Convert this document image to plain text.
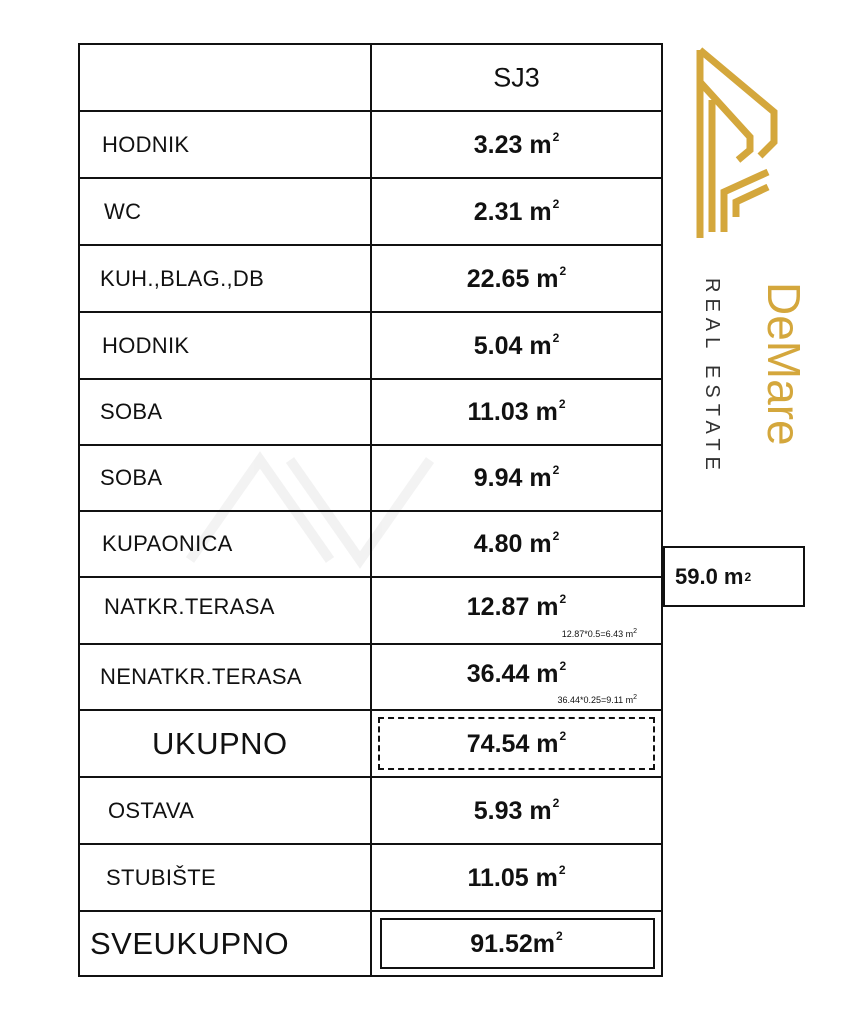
DeMare
REAL ESTATE
SJ3
HODNIK	3.23 $m^2$
WC	2.31 $m^2$
KUH.,BLAG.,DB	22.65 $m^2$
HODNIK	5.04 $m^2$
SOBA	11.03 $m^2$
SOBA	9.94 $m^2$
KUPAONICA	4.80 $m^2$
NATKR.TERASA	12.87 $m^2$
12.87*0.5=6.43 $m^2$
NENATKR.TERASA	36.44 $m^2$
36.44*0.25=9.11 $m^2$
UKUPNO	74.54 $m^2$
OSTAVA	5.93 $m^2$
STUBIŠTE	11.05 $m^2$
SVEUKUPNO	$91.52m^2$
59.0 m 2
